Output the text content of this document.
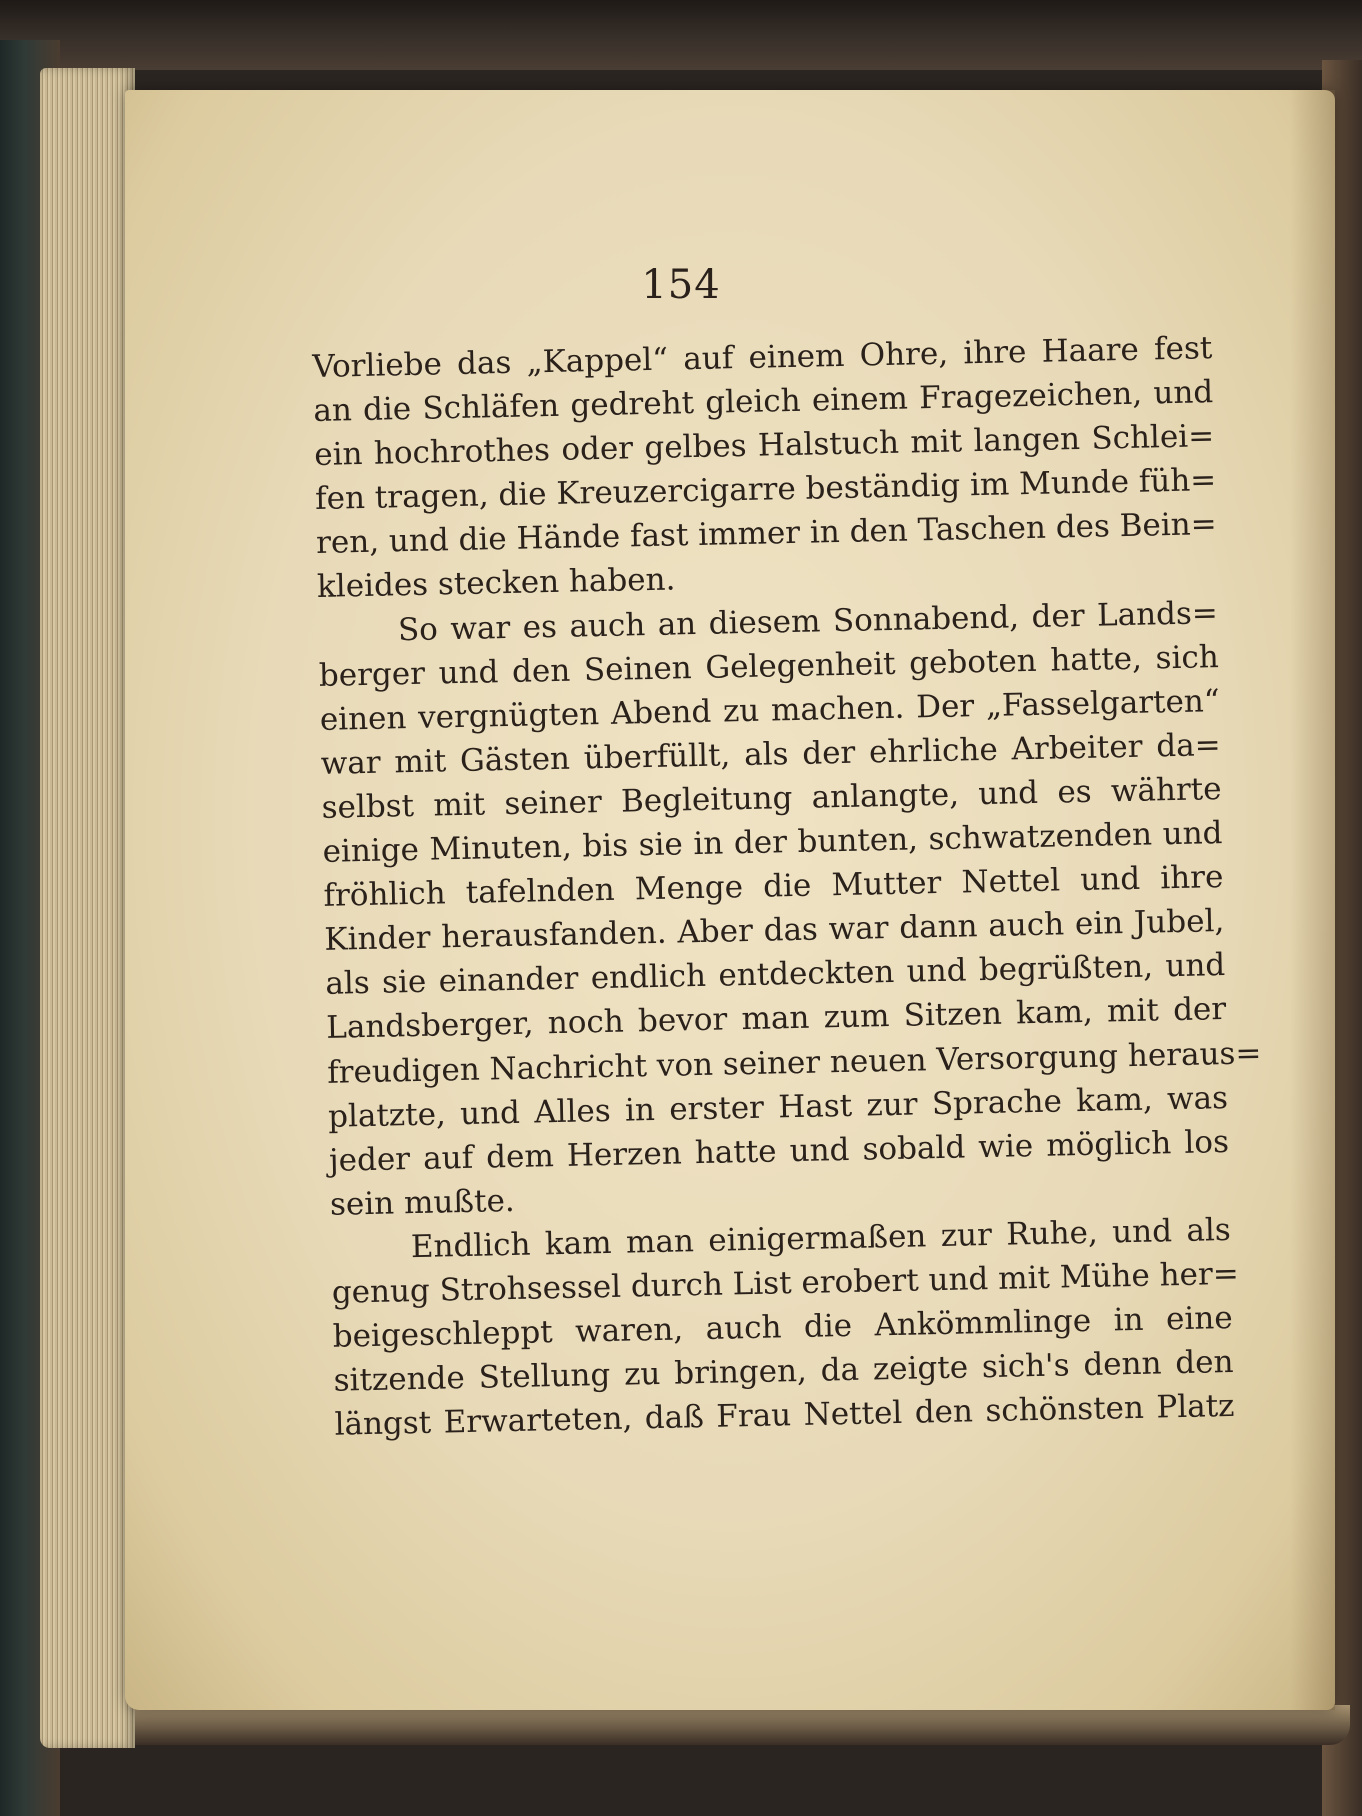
154
Vorliebe das „Kappel“ auf einem Ohre, ihre Haare fest
an die Schläfen gedreht gleich einem Fragezeichen, und
ein hochrothes oder gelbes Halstuch mit langen Schlei=
fen tragen, die Kreuzercigarre beständig im Munde füh=
ren, und die Hände fast immer in den Taschen des Bein=
kleides stecken haben.
So war es auch an diesem Sonnabend, der Lands=
berger und den Seinen Gelegenheit geboten hatte, sich
einen vergnügten Abend zu machen. Der „Fasselgarten“
war mit Gästen überfüllt, als der ehrliche Arbeiter da=
selbst mit seiner Begleitung anlangte, und es währte
einige Minuten, bis sie in der bunten, schwatzenden und
fröhlich tafelnden Menge die Mutter Nettel und ihre
Kinder herausfanden. Aber das war dann auch ein Jubel,
als sie einander endlich entdeckten und begrüßten, und
Landsberger, noch bevor man zum Sitzen kam, mit der
freudigen Nachricht von seiner neuen Versorgung heraus=
platzte, und Alles in erster Hast zur Sprache kam, was
jeder auf dem Herzen hatte und sobald wie möglich los
sein mußte.
Endlich kam man einigermaßen zur Ruhe, und als
genug Strohsessel durch List erobert und mit Mühe her=
beigeschleppt waren, auch die Ankömmlinge in eine
sitzende Stellung zu bringen, da zeigte sich's denn den
längst Erwarteten, daß Frau Nettel den schönsten Platz
